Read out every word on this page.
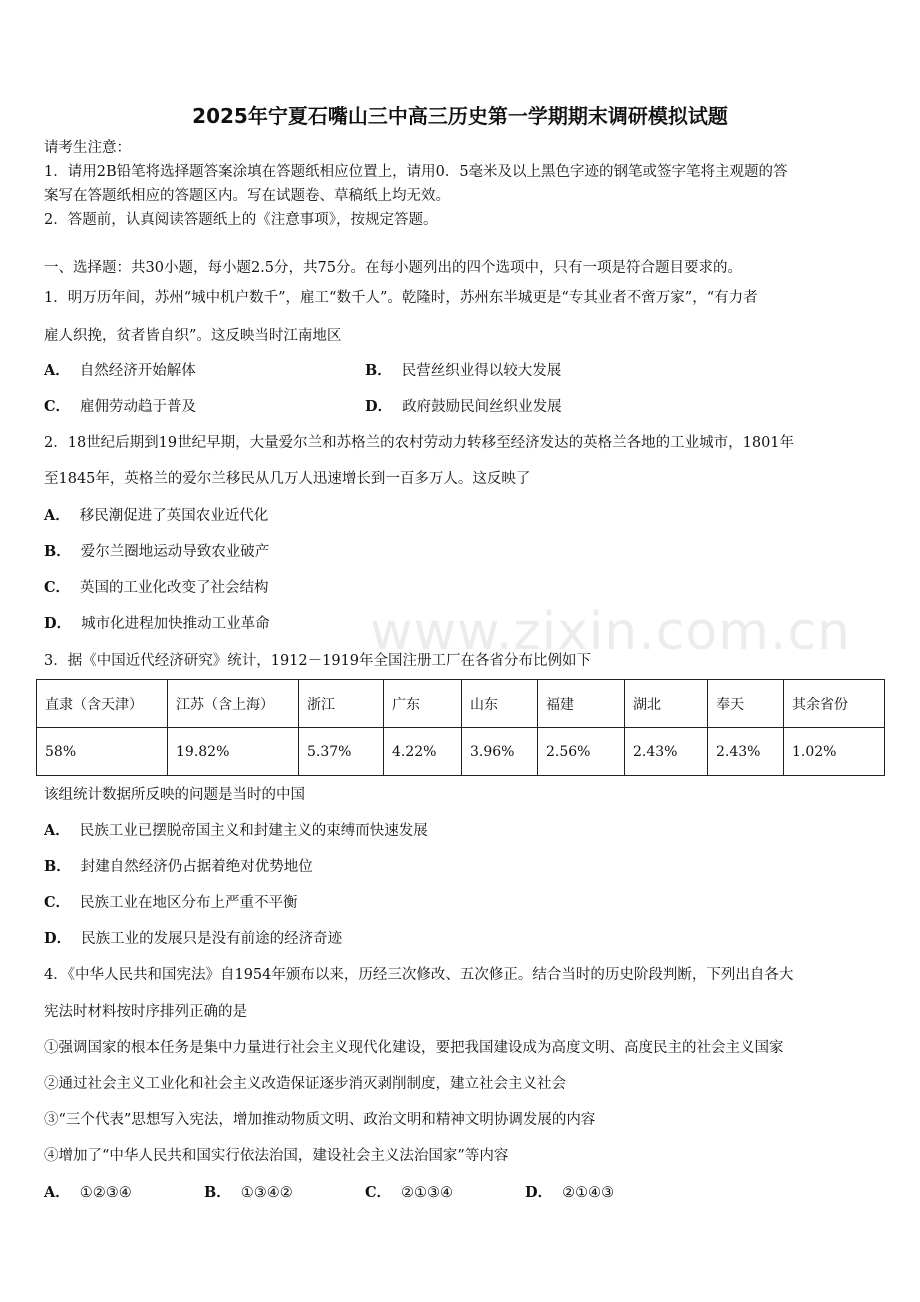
www.zixin.com.cn
2025年宁夏石嘴山三中高三历史第一学期期末调研模拟试题
请考生注意：
1．请用2B铅笔将选择题答案涂填在答题纸相应位置上，请用0．5毫米及以上黑色字迹的钢笔或签字笔将主观题的答
案写在答题纸相应的答题区内。写在试题卷、草稿纸上均无效。
2．答题前，认真阅读答题纸上的《注意事项》，按规定答题。
一、选择题：共30小题，每小题2.5分，共75分。在每小题列出的四个选项中，只有一项是符合题目要求的。
1．明万历年间，苏州“城中机户数千”，雇工“数千人”。乾隆时，苏州东半城更是“专其业者不啻万家”，“有力者
雇人织挽，贫者皆自织”。这反映当时江南地区
A． 自然经济开始解体	B． 民营丝织业得以较大发展
C． 雇佣劳动趋于普及	D． 政府鼓励民间丝织业发展
2．18世纪后期到19世纪早期，大量爱尔兰和苏格兰的农村劳动力转移至经济发达的英格兰各地的工业城市，1801年
至1845年，英格兰的爱尔兰移民从几万人迅速增长到一百多万人。这反映了
A． 移民潮促进了英国农业近代化
B． 爱尔兰圈地运动导致农业破产
C． 英国的工业化改变了社会结构
D． 城市化进程加快推动工业革命
3．据《中国近代经济研究》统计，1912－1919年全国注册工厂在各省分布比例如下
直隶（含天津）	江苏（含上海）	浙江	广东	山东	福建	湖北	奉天	其余省份
58%	19.82%	5.37%	4.22%	3.96%	2.56%	2.43%	2.43%	1.02%
该组统计数据所反映的问题是当时的中国
A． 民族工业已摆脱帝国主义和封建主义的束缚而快速发展
B． 封建自然经济仍占据着绝对优势地位
C． 民族工业在地区分布上严重不平衡
D． 民族工业的发展只是没有前途的经济奇迹
4．《中华人民共和国宪法》自1954年颁布以来，历经三次修改、五次修正。结合当时的历史阶段判断，下列出自各大
宪法时材料按时序排列正确的是
①强调国家的根本任务是集中力量进行社会主义现代化建设，要把我国建设成为高度文明、高度民主的社会主义国家
②通过社会主义工业化和社会主义改造保证逐步消灭剥削制度，建立社会主义社会
③“三个代表”思想写入宪法，增加推动物质文明、政治文明和精神文明协调发展的内容
④增加了“中华人民共和国实行依法治国，建设社会主义法治国家”等内容
A． ①②③④	B． ①③④②	C． ②①③④	D． ②①④③
